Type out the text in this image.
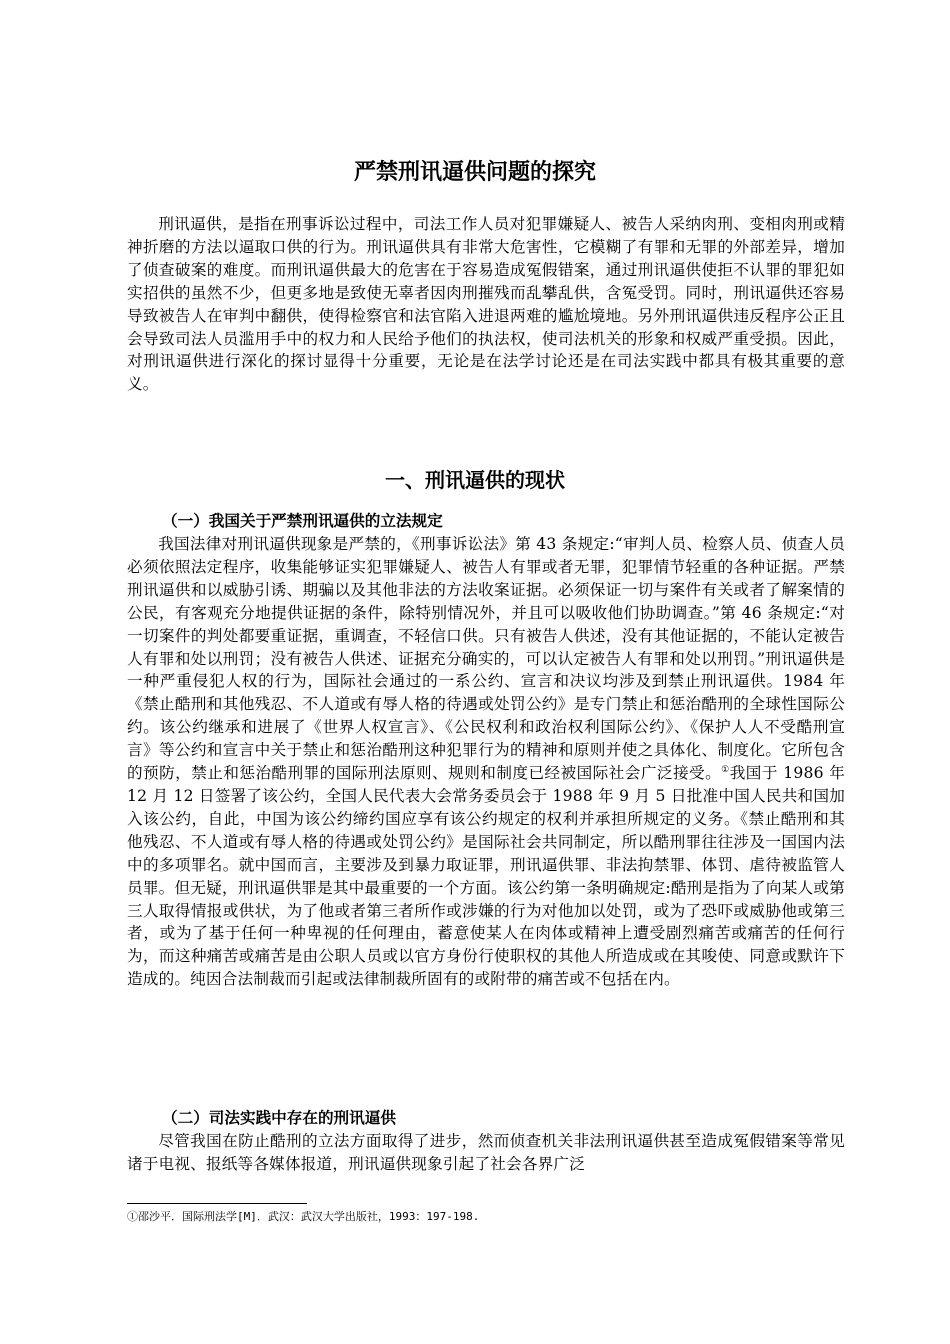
严禁刑讯逼供问题的探究

刑讯逼供，是指在刑事诉讼过程中，司法工作人员对犯罪嫌疑人、被告人采纳肉刑、变相肉刑或精神折磨的方法以逼取口供的行为。刑讯逼供具有非常大危害性，它模糊了有罪和无罪的外部差异，增加了侦查破案的难度。而刑讯逼供最大的危害在于容易造成冤假错案，通过刑讯逼供使拒不认罪的罪犯如实招供的虽然不少，但更多地是致使无辜者因肉刑摧残而乱攀乱供，含冤受罚。同时，刑讯逼供还容易导致被告人在审判中翻供，使得检察官和法官陷入进退两难的尴尬境地。另外刑讯逼供违反程序公正且会导致司法人员滥用手中的权力和人民给予他们的执法权，使司法机关的形象和权威严重受损。因此，对刑讯逼供进行深化的探讨显得十分重要，无论是在法学讨论还是在司法实践中都具有极其重要的意义。

一、刑讯逼供的现状
（一）我国关于严禁刑讯逼供的立法规定

我国法律对刑讯逼供现象是严禁的，《刑事诉讼法》第 43 条规定:“审判人员、检察人员、侦查人员必须依照法定程序，收集能够证实犯罪嫌疑人、被告人有罪或者无罪，犯罪情节轻重的各种证据。严禁刑讯逼供和以威胁引诱、期骗以及其他非法的方法收案证据。必须保证一切与案件有关或者了解案情的公民，有客观充分地提供证据的条件，除特别情况外，并且可以吸收他们协助调查。”第 46 条规定:“对一切案件的判处都要重证据，重调查，不轻信口供。只有被告人供述，没有其他证据的，不能认定被告人有罪和处以刑罚；没有被告人供述、证据充分确实的，可以认定被告人有罪和处以刑罚。”刑讯逼供是一种严重侵犯人权的行为，国际社会通过的一系公约、宣言和决议均涉及到禁止刑讯逼供。1984 年《禁止酷刑和其他残忍、不人道或有辱人格的待遇或处罚公约》是专门禁止和惩治酷刑的全球性国际公约。该公约继承和进展了《世界人权宣言》、《公民权利和政治权利国际公约》、《保护人人不受酷刑宣言》等公约和宣言中关于禁止和惩治酷刑这种犯罪行为的精神和原则并使之具体化、制度化。它所包含的预防，禁止和惩治酷刑罪的国际刑法原则、规则和制度已经被国际社会广泛接受。①我国于 1986 年 12 月 12 日签署了该公约，全国人民代表大会常务委员会于 1988 年 9 月 5 日批准中国人民共和国加入该公约，自此，中国为该公约缔约国应享有该公约规定的权利并承担所规定的义务。《禁止酷刑和其他残忍、不人道或有辱人格的待遇或处罚公约》是国际社会共同制定，所以酷刑罪往往涉及一国国内法中的多项罪名。就中国而言，主要涉及到暴力取证罪，刑讯逼供罪、非法拘禁罪、体罚、虐待被监管人员罪。但无疑，刑讯逼供罪是其中最重要的一个方面。该公约第一条明确规定:酷刑是指为了向某人或第三人取得情报或供状，为了他或者第三者所作或涉嫌的行为对他加以处罚，或为了恐吓或威胁他或第三者，或为了基于任何一种卑视的任何理由，蓄意使某人在肉体或精神上遭受剧烈痛苦或痛苦的任何行为，而这种痛苦或痛苦是由公职人员或以官方身份行使职权的其他人所造成或在其唆使、同意或默许下造成的。纯因合法制裁而引起或法律制裁所固有的或附带的痛苦或不包括在内。

（二）司法实践中存在的刑讯逼供

尽管我国在防止酷刑的立法方面取得了进步，然而侦查机关非法刑讯逼供甚至造成冤假错案等常见诸于电视、报纸等各媒体报道，刑讯逼供现象引起了社会各界广泛

①邵沙平．国际刑法学[M]．武汉：武汉大学出版社，1993：197-198.
